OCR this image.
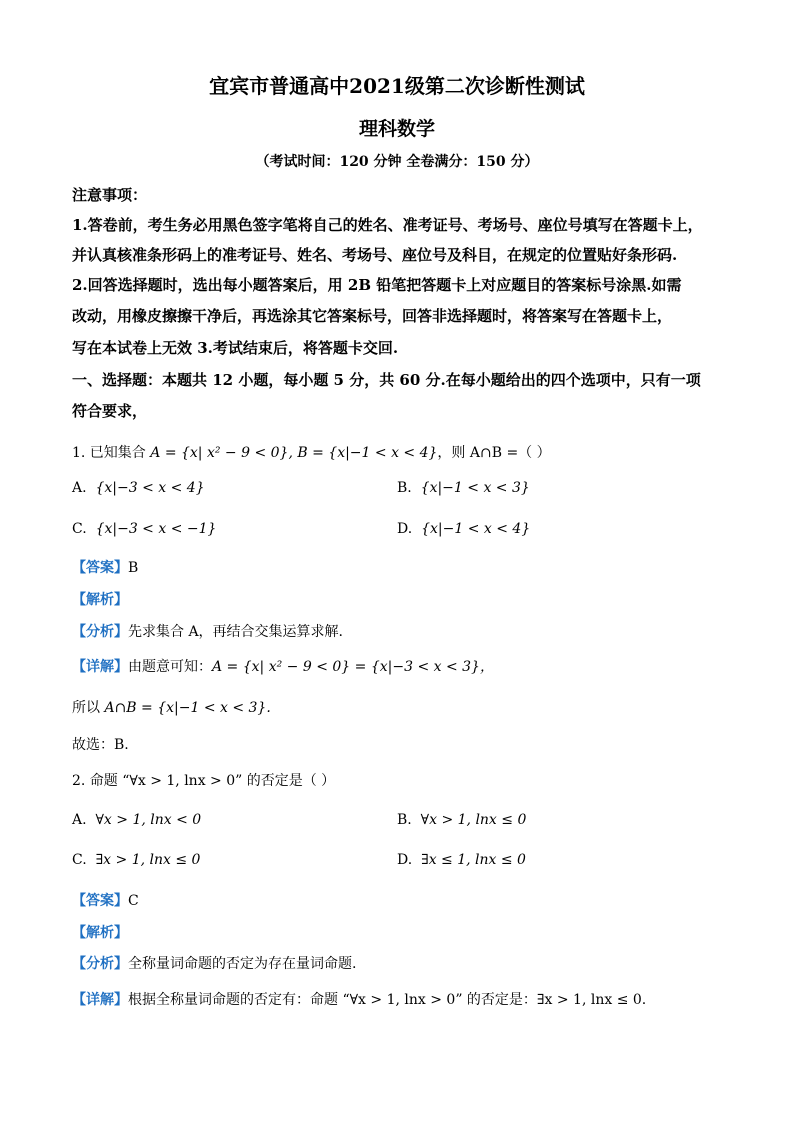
宜宾市普通高中2021级第二次诊断性测试
理科数学
（考试时间：120 分钟 全卷满分：150 分）
注意事项：
1.答卷前，考生务必用黑色签字笔将自己的姓名、准考证号、考场号、座位号填写在答题卡上，
并认真核准条形码上的准考证号、姓名、考场号、座位号及科目，在规定的位置贴好条形码.
2.回答选择题时，选出每小题答案后，用 2B 铅笔把答题卡上对应题目的答案标号涂黑.如需
改动，用橡皮擦擦干净后，再选涂其它答案标号，回答非选择题时，将答案写在答题卡上，
写在本试卷上无效 3.考试结束后，将答题卡交回.
一、选择题：本题共 12 小题，每小题 5 分，共 60 分.在每小题给出的四个选项中，只有一项
符合要求，
1. 已知集合 A = {x| x² − 9 < 0}, B = {x|−1 < x < 4}，则 A∩B =（ ）
A. {x|−3 < x < 4}	B. {x|−1 < x < 3}
C. {x|−3 < x < −1}	D. {x|−1 < x < 4}
【答案】B
【解析】
【分析】先求集合 A，再结合交集运算求解.
【详解】由题意可知：A = {x| x² − 9 < 0} = {x|−3 < x < 3}，
所以 A∩B = {x|−1 < x < 3}.
故选：B.
2. 命题 “∀x > 1, lnx > 0” 的否定是（ ）
A. ∀x > 1, lnx < 0	B. ∀x > 1, lnx ≤ 0
C. ∃x > 1, lnx ≤ 0	D. ∃x ≤ 1, lnx ≤ 0
【答案】C
【解析】
【分析】全称量词命题的否定为存在量词命题.
【详解】根据全称量词命题的否定有：命题 “∀x > 1, lnx > 0” 的否定是：∃x > 1, lnx ≤ 0.
